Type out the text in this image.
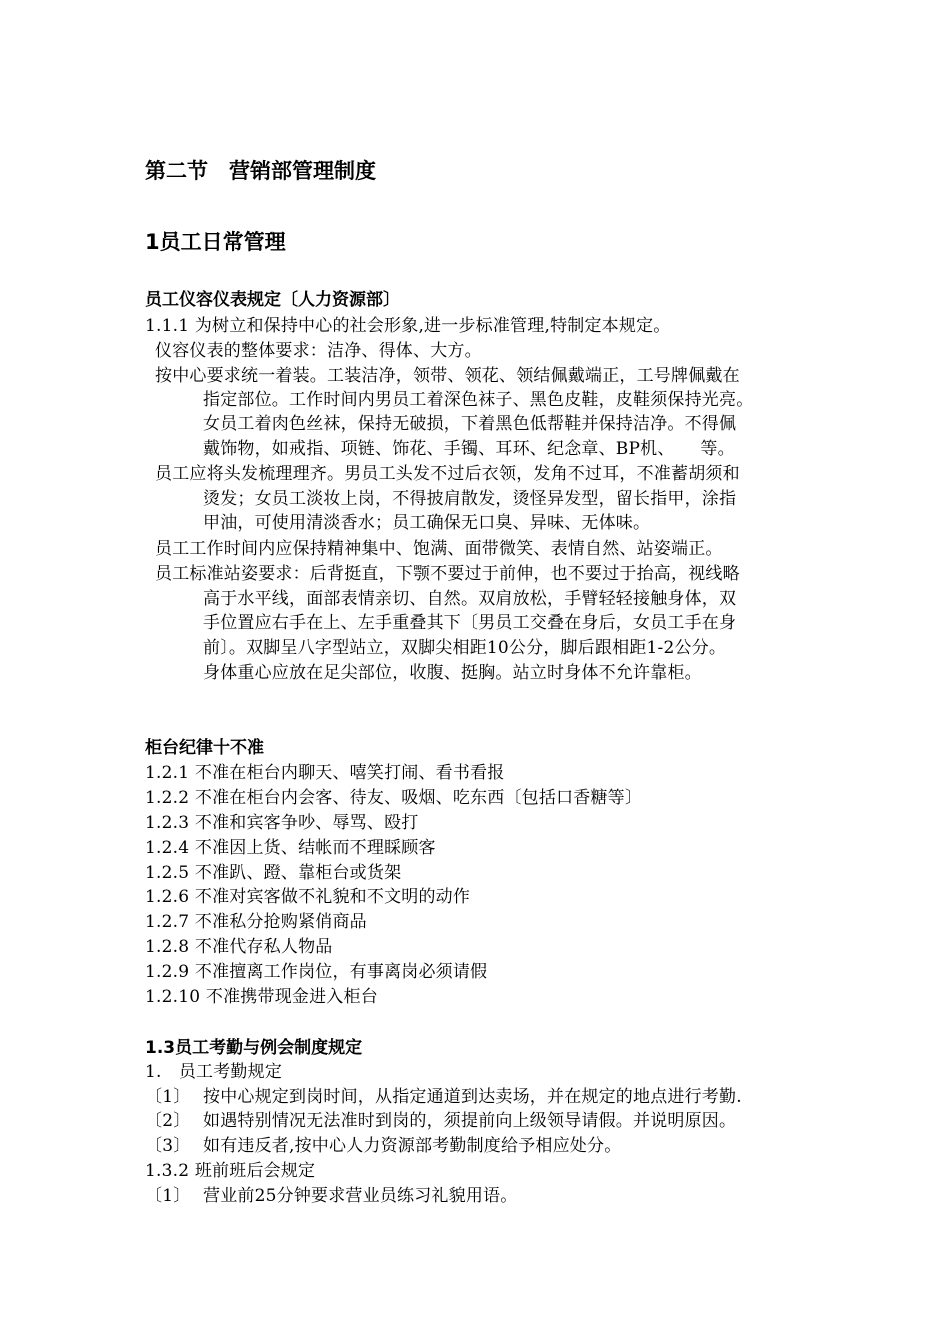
第二节　营销部管理制度
1员工日常管理
员工仪容仪表规定〔人力资源部〕
1.1.1 为树立和保持中心的社会形象,进一步标准管理,特制定本规定。
仪容仪表的整体要求：洁净、得体、大方。
按中心要求统一着装。工装洁净，领带、领花、领结佩戴端正，工号牌佩戴在
指定部位。工作时间内男员工着深色袜子、黑色皮鞋，皮鞋须保持光亮。
女员工着肉色丝袜，保持无破损，下着黑色低帮鞋并保持洁净。不得佩
戴饰物，如戒指、项链、饰花、手镯、耳环、纪念章、BP机、　　等。
员工应将头发梳理理齐。男员工头发不过后衣领，发角不过耳，不准蓄胡须和
烫发；女员工淡妆上岗，不得披肩散发，烫怪异发型，留长指甲，涂指
甲油，可使用清淡香水；员工确保无口臭、异味、无体味。
员工工作时间内应保持精神集中、饱满、面带微笑、表情自然、站姿端正。
员工标准站姿要求：后背挺直，下颚不要过于前伸，也不要过于抬高，视线略
高于水平线，面部表情亲切、自然。双肩放松，手臂轻轻接触身体，双
手位置应右手在上、左手重叠其下〔男员工交叠在身后，女员工手在身
前〕。双脚呈八字型站立，双脚尖相距10公分，脚后跟相距1-2公分。
身体重心应放在足尖部位，收腹、挺胸。站立时身体不允许靠柜。
柜台纪律十不准
1.2.1 不准在柜台内聊天、嘻笑打闹、看书看报
1.2.2 不准在柜台内会客、待友、吸烟、吃东西〔包括口香糖等〕
1.2.3 不准和宾客争吵、辱骂、殴打
1.2.4 不准因上货、结帐而不理睬顾客
1.2.5 不准趴、蹬、靠柜台或货架
1.2.6 不准对宾客做不礼貌和不文明的动作
1.2.7 不准私分抢购紧俏商品
1.2.8 不准代存私人物品
1.2.9 不准擅离工作岗位，有事离岗必须请假
1.2.10 不准携带现金进入柜台
1.3员工考勤与例会制度规定
1.　员工考勤规定
〔1〕 按中心规定到岗时间，从指定通道到达卖场，并在规定的地点进行考勤.
〔2〕 如遇特别情况无法准时到岗的，须提前向上级领导请假。并说明原因。
〔3〕 如有违反者,按中心人力资源部考勤制度给予相应处分。
1.3.2 班前班后会规定
〔1〕 营业前25分钟要求营业员练习礼貌用语。
